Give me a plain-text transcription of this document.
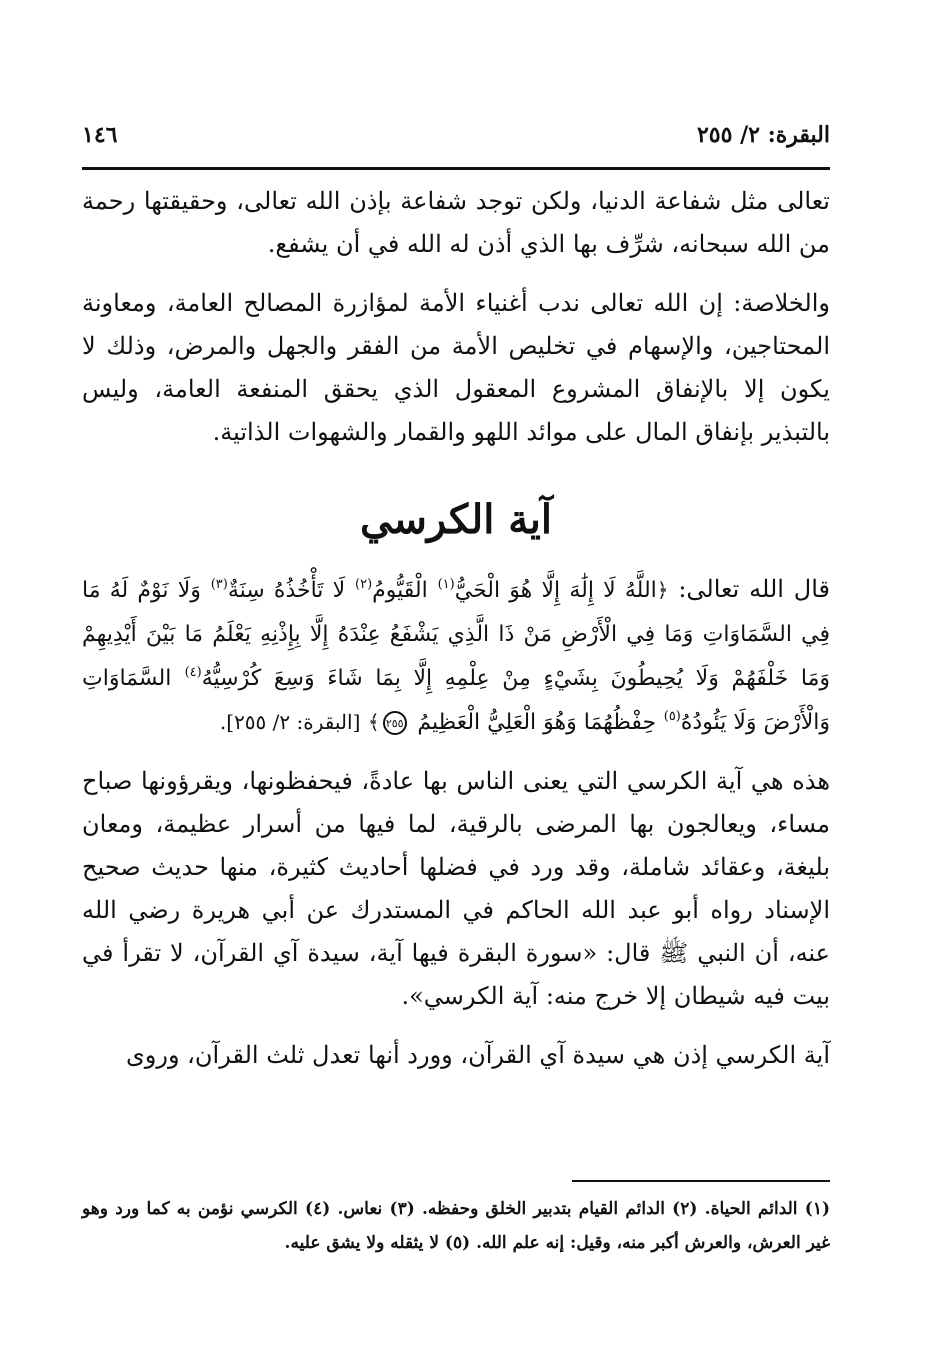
البقرة: ٢/ ٢٥٥
١٤٦

تعالى مثل شفاعة الدنيا، ولكن توجد شفاعة بإذن الله تعالى، وحقيقتها رحمة من الله سبحانه، شرِّف بها الذي أذن له الله في أن يشفع.

والخلاصة: إن الله تعالى ندب أغنياء الأمة لمؤازرة المصالح العامة، ومعاونة المحتاجين، والإسهام في تخليص الأمة من الفقر والجهل والمرض، وذلك لا يكون إلا بالإنفاق المشروع المعقول الذي يحقق المنفعة العامة، وليس بالتبذير بإنفاق المال على موائد اللهو والقمار والشهوات الذاتية.

آية الكرسي

قال الله تعالى: ﴿اللَّهُ لَا إِلَٰهَ إِلَّا هُوَ الْحَيُّ$^{(١)}$ الْقَيُّومُ$^{(٢)}$ لَا تَأْخُذُهُ سِنَةٌ$^{(٣)}$ وَلَا نَوْمٌ لَهُ مَا فِي السَّمَاوَاتِ وَمَا فِي الْأَرْضِ مَنْ ذَا الَّذِي يَشْفَعُ عِنْدَهُ إِلَّا بِإِذْنِهِ يَعْلَمُ مَا بَيْنَ أَيْدِيهِمْ وَمَا خَلْفَهُمْ وَلَا يُحِيطُونَ بِشَيْءٍ مِنْ عِلْمِهِ إِلَّا بِمَا شَاءَ وَسِعَ كُرْسِيُّهُ$^{(٤)}$ السَّمَاوَاتِ وَالْأَرْضَ وَلَا يَئُودُهُ$^{(٥)}$ حِفْظُهُمَا وَهُوَ الْعَلِيُّ الْعَظِيمُ ٢٥٥﴾ [البقرة: ٢/ ٢٥٥].

هذه هي آية الكرسي التي يعنى الناس بها عادةً، فيحفظونها، ويقرؤونها صباح مساء، ويعالجون بها المرضى بالرقية، لما فيها من أسرار عظيمة، ومعان بليغة، وعقائد شاملة، وقد ورد في فضلها أحاديث كثيرة، منها حديث صحيح الإسناد رواه أبو عبد الله الحاكم في المستدرك عن أبي هريرة رضي الله عنه، أن النبي ﷺ قال: «سورة البقرة فيها آية، سيدة آي القرآن، لا تقرأ في بيت فيه شيطان إلا خرج منه: آية الكرسي».

آية الكرسي إذن هي سيدة آي القرآن، وورد أنها تعدل ثلث القرآن، وروى

(١) الدائم الحياة. (٢) الدائم القيام بتدبير الخلق وحفظه. (٣) نعاس. (٤) الكرسي نؤمن به كما ورد وهو غير العرش، والعرش أكبر منه، وقيل: إنه علم الله. (٥) لا يثقله ولا يشق عليه.
